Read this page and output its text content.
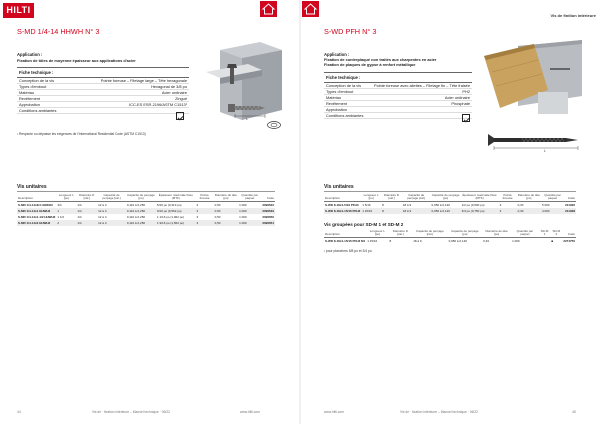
HILTI
S-MD 1/4-14 HHWH N° 3
Application :
Fixation de tôles de moyenne épaisseur aux applications d'acier
Fiche technique :
Conception de la vis	Pointe foreuse – Filetage large – Tête hexagonale
Types d'embout	Hexagonal de 3/8 po
Matériau	Acier ordinaire
Revêtement	Zingué
Approbation	ICC-ES ESR-2196/ASTM C1513¹
Conditions ambiantes
¹ Respecte ou dépasse les exigences de l'International Residential Code (ASTM C1513)
L
Vis unitaires
Description	Longueur L [po]	Diamètre D [cal.]	Capacité de perçage [cal.]	Capacité de perçage [po]	Épaisseur maximale fixée (MTF)	Pointe foreuse	Diamètre de tête [po]	Quantité par paquet	Code
S-MD 1/4-14x3/4 HHWH3	3/4	1/4	12 à 4	0,110 à 0,250	5/16 po (0,313 po)	3	0,50	1 000	2096640
S-MD 1/4-14x1 HHWH3	1	1/4	12 à 4	0,110 à 0,250	9/16 po (0,562 po)	3	0,50	1 000	2096649
S-MD 1/4-14x1-1/2 HHWH3	1 1/2	1/4	12 à 4	0,110 à 0,250	1 1/16 po (1,062 po)	3	0,50	1 000	2096650
S-MD 1/4-14x2 HHWH3	2	1/4	12 à 4	0,110 à 0,250	1 9/16 po (1,562 po)	3	0,50	1 000	2096651
44	Vis de · fixation intérieure – Manuel technique · 06/22	www.hilti.com
Vis de finition intérieure
S-WD PFH N° 3
Application :
Fixation de contreplaqué non traités aux charpentes en acier
Fixation de plaques de gypse à renfort métallique
Fiche technique :
Conception de la vis	Pointe foreuse avec ailettes – Filetage fin – Tête fraisée
Types d'embout	PH2
Matériau	Acier ordinaire
Revêtement	Phosphaté
Approbation
Conditions ambiantes
L
Vis unitaires
Description	Longueur L [po]	Diamètre D [cal.]	Capacité de perçage [cal.]	Capacité de perçage [po]	Épaisseur maximale fixée (MTF)	Pointe foreuse	Diamètre de tête [po]	Quantité par paquet	Code
S-WD 8-18x1-5/16 PFH3	1 5/16	8	18 à 9	0,050 à 0,140	1/2 po (0,500 po)	3	0,33	5 000	211926
S-WD 8-18x1-15/16 PFH3	1 15/16	8	18 à 9	0,050 à 0,140	3/4 po (0,750 po)	3	0,33	4 000	211928
Vis groupées pour SD-M 1 et SD-M 2
Description	Longueur L [po]	Diamètre D [cal.]	Capacité de perçage [cal.]	Capacité de perçage [po]	Diamètre de tête [po]	Quantité par paquet	SD-M 1	SD-M 2	Code
S-WD 8-18x1-15/16 PFH3 M1	1 15/16	8	18 à 9	0,050 à 0,140	0,33	1 000		■	2274750
¹ pour planchers 5/8 po et 3/4 po
www.hilti.com	Vis de · fixation intérieure – Manuel technique · 06/22	45
